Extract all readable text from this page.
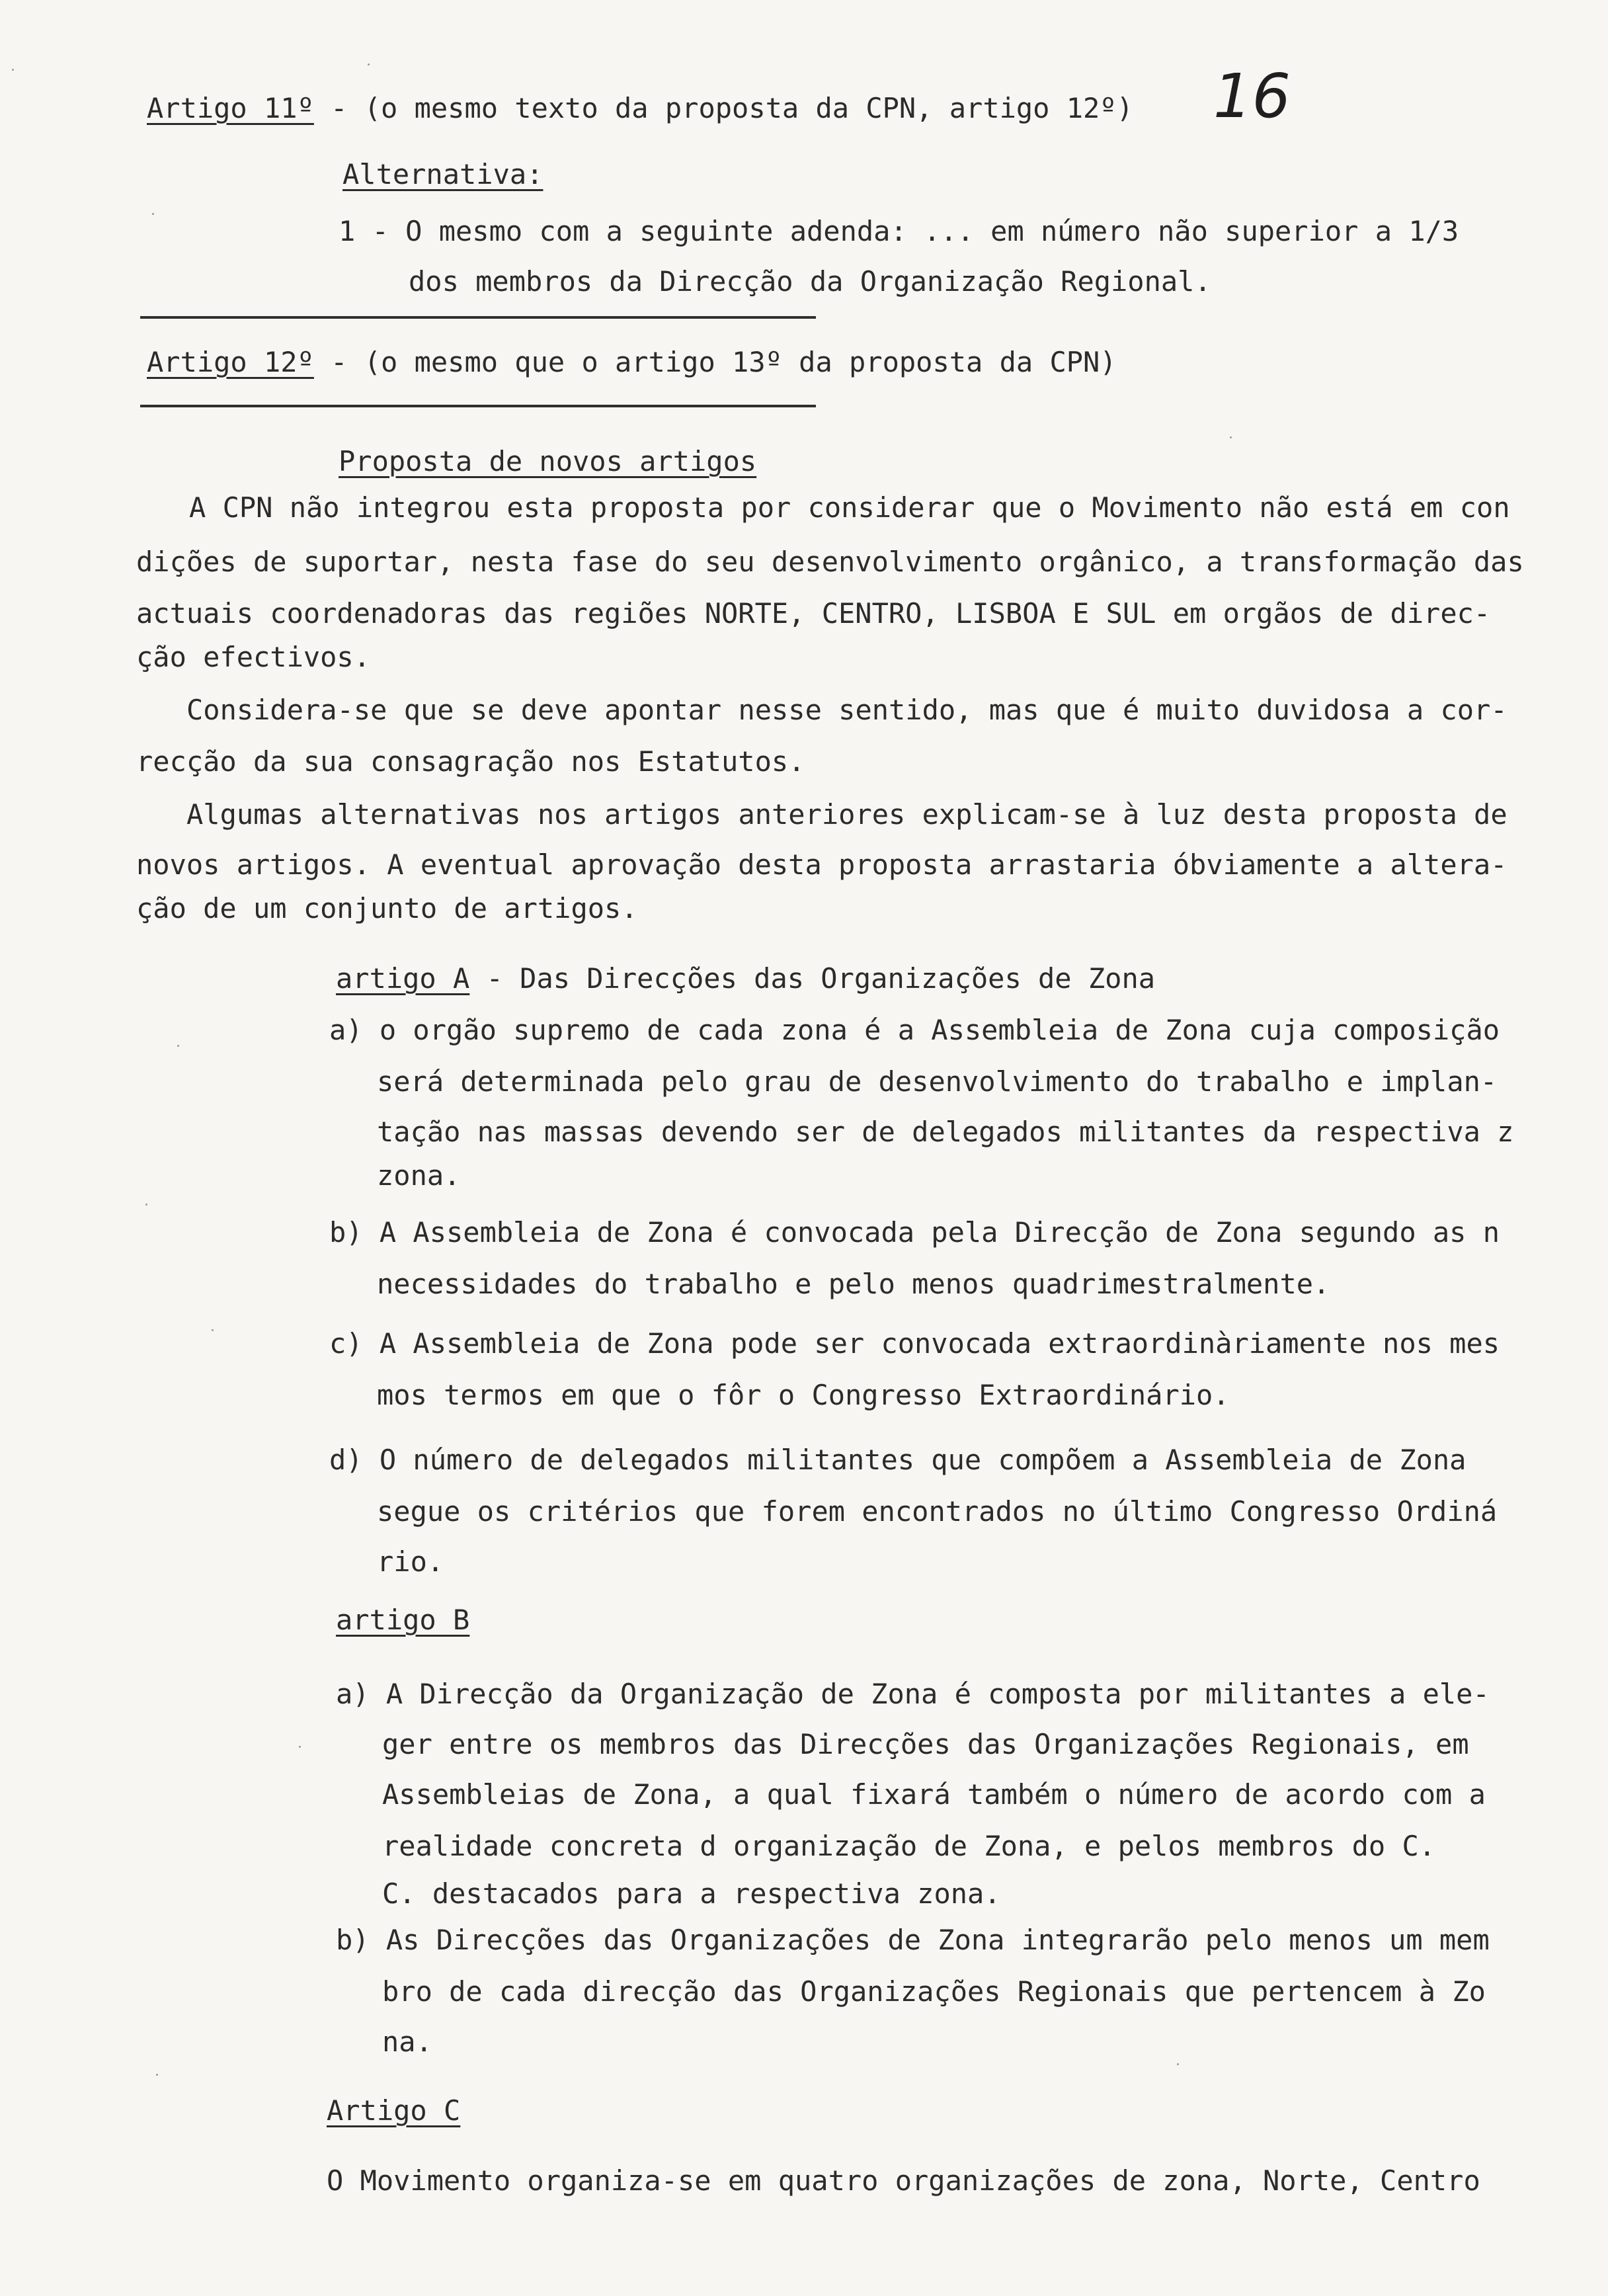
16
Artigo 11º - (o mesmo texto da proposta da CPN, artigo 12º)
Alternativa:
1 - O mesmo com a seguinte adenda: ... em número não superior a 1/3
dos membros da Direcção da Organização Regional.
Artigo 12º - (o mesmo que o artigo 13º da proposta da CPN)
Proposta de novos artigos
A CPN não integrou esta proposta por considerar que o Movimento não está em con
dições de suportar, nesta fase do seu desenvolvimento orgânico, a transformação das
actuais coordenadoras das regiões NORTE, CENTRO, LISBOA E SUL em orgãos de direc-
ção efectivos.
Considera-se que se deve apontar nesse sentido, mas que é muito duvidosa a cor-
recção da sua consagração nos Estatutos.
Algumas alternativas nos artigos anteriores explicam-se à luz desta proposta de
novos artigos. A eventual aprovação desta proposta arrastaria óbviamente a altera-
ção de um conjunto de artigos.
artigo A - Das Direcções das Organizações de Zona
a) o orgão supremo de cada zona é a Assembleia de Zona cuja composição
será determinada pelo grau de desenvolvimento do trabalho e implan-
tação nas massas devendo ser de delegados militantes da respectiva z
zona.
b) A Assembleia de Zona é convocada pela Direcção de Zona segundo as n
necessidades do trabalho e pelo menos quadrimestralmente.
c) A Assembleia de Zona pode ser convocada extraordinàriamente nos mes
mos termos em que o fôr o Congresso Extraordinário.
d) O número de delegados militantes que compõem a Assembleia de Zona
segue os critérios que forem encontrados no último Congresso Ordiná
rio.
artigo B
a) A Direcção da Organização de Zona é composta por militantes a ele-
ger entre os membros das Direcções das Organizações Regionais, em
Assembleias de Zona, a qual fixará também o número de acordo com a
realidade concreta d organização de Zona, e pelos membros do C.
C. destacados para a respectiva zona.
b) As Direcções das Organizações de Zona integrarão pelo menos um mem
bro de cada direcção das Organizações Regionais que pertencem à Zo
na.
Artigo C
O Movimento organiza-se em quatro organizações de zona, Norte, Centro
